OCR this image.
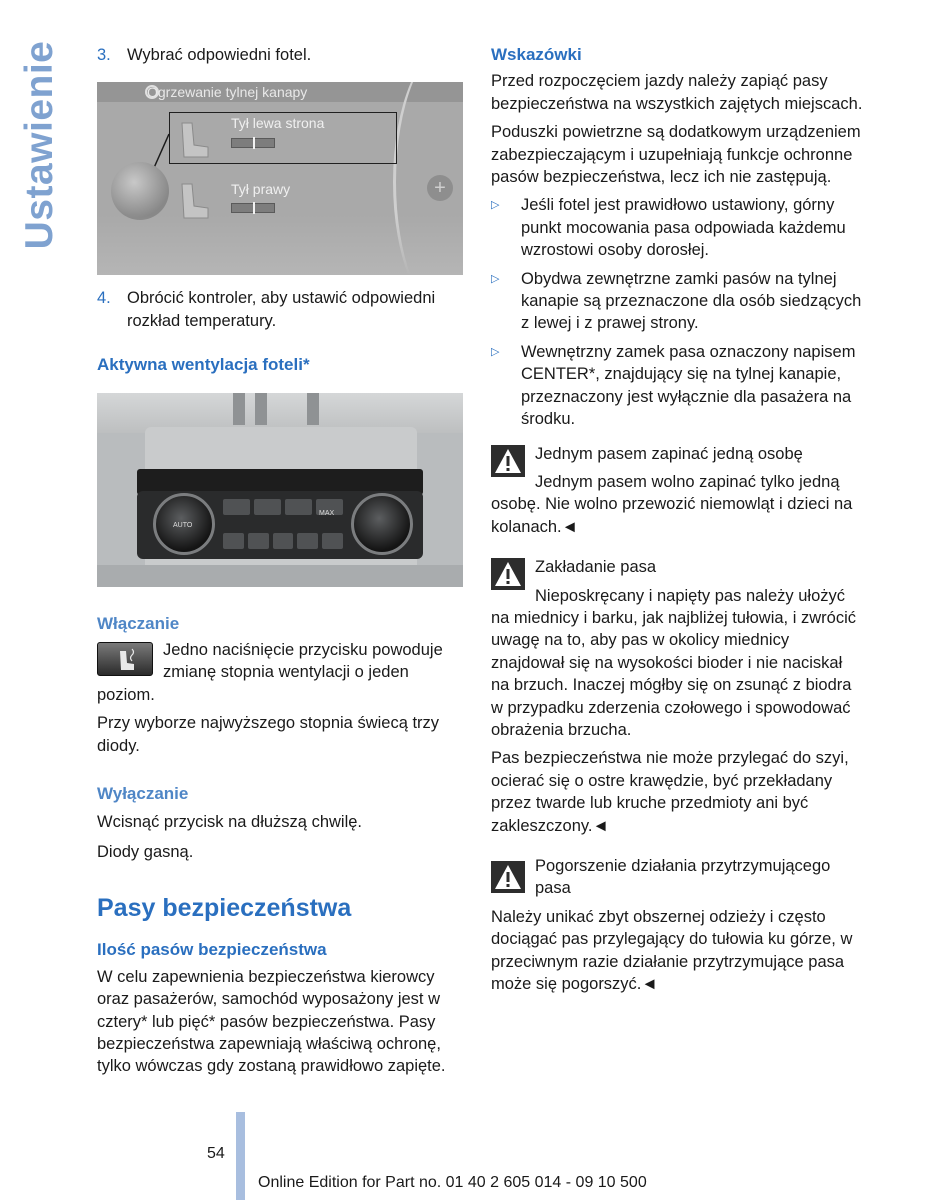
Ustawienie 3. Wybrać odpowiedni fotel.
Ogrzewanie tylnej kanapy
Tył lewa strona
Tył prawy	+
4. Obrócić kontroler, aby ustawić odpowiedni rozkład temperatury.
Aktywna wentylacja foteli*
AUTO
MAX
Włączanie

Jedno naciśnięcie przycisku powoduje zmianę stopnia wentylacji o jeden poziom.

Przy wyborze najwyższego stopnia świecą trzy diody.

Wyłączanie

Wcisnąć przycisk na dłuższą chwilę.

Diody gasną.

Pasy bezpieczeństwa
Ilość pasów bezpieczeństwa

W celu zapewnienia bezpieczeństwa kierowcy oraz pasażerów, samochód wyposażony jest w cztery* lub pięć* pasów bezpieczeństwa. Pasy bezpieczeństwa zapewniają właściwą ochronę, tylko wówczas gdy zostaną prawidłowo zapięte.

Wskazówki

Przed rozpoczęciem jazdy należy zapiąć pasy bezpieczeństwa na wszystkich zajętych miejscach.

Poduszki powietrzne są dodatkowym urządzeniem zabezpieczającym i uzupełniają funkcje ochronne pasów bezpieczeństwa, lecz ich nie zastępują.

▷	Jeśli fotel jest prawidłowo ustawiony, górny punkt mocowania pasa odpowiada każdemu wzrostowi osoby dorosłej.
▷	Obydwa zewnętrzne zamki pasów na tylnej kanapie są przeznaczone dla osób siedzących z lewej i z prawej strony.
▷	Wewnętrzny zamek pasa oznaczony napisem CENTER*, znajdujący się na tylnej kanapie, przeznaczony jest wyłącznie dla pasażera na środku.

Jednym pasem zapinać jedną osobę

Jednym pasem wolno zapinać tylko jedną osobę. Nie wolno przewozić niemowląt i dzieci na kolanach.◄

Zakładanie pasa

Nieposkręcany i napięty pas należy ułożyć na miednicy i barku, jak najbliżej tułowia, i zwrócić uwagę na to, aby pas w okolicy miednicy znajdował się na wysokości bioder i nie naciskał na brzuch. Inaczej mógłby się on zsunąć z biodra w przypadku zderzenia czołowego i spowodować obrażenia brzucha.

Pas bezpieczeństwa nie może przylegać do szyi, ocierać się o ostre krawędzie, być przekładany przez twarde lub kruche przedmioty ani być zakleszczony.◄

Pogorszenie działania przytrzymującego pasa

Należy unikać zbyt obszernej odzieży i często dociągać pas przylegający do tułowia ku górze, w przeciwnym razie działanie przytrzymujące pasa może się pogorszyć.◄

54
Online Edition for Part no. 01 40 2 605 014 - 09 10 500
